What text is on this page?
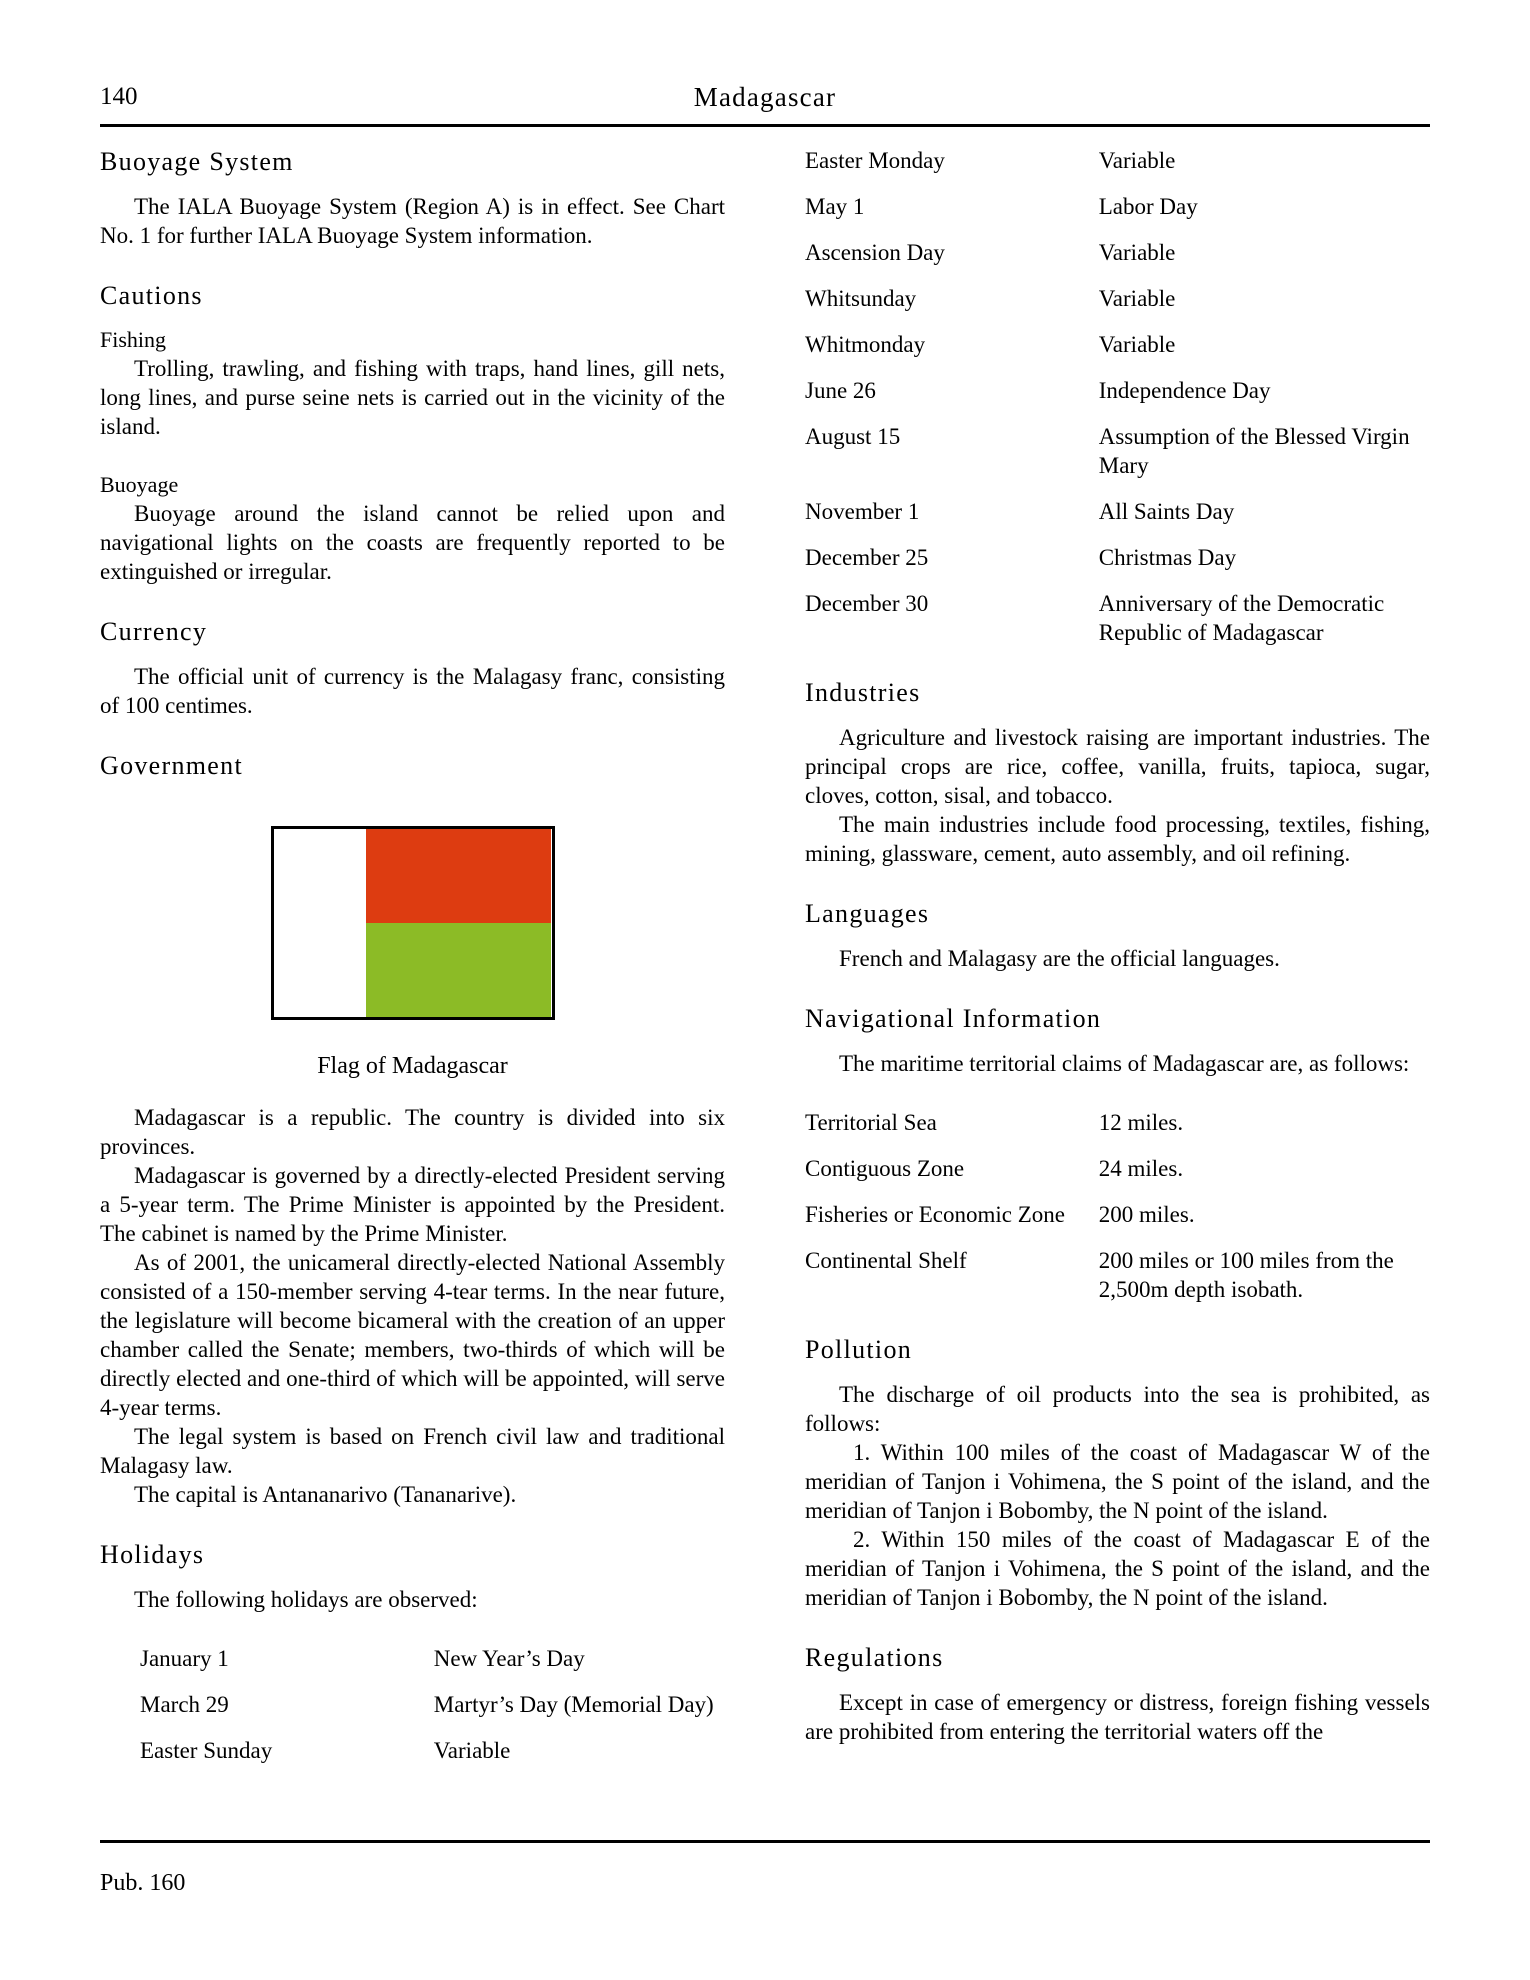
140	Madagascar
Buoyage System

The IALA Buoyage System (Region A) is in effect. See Chart No. 1 for further IALA Buoyage System information.

Cautions
Fishing

Trolling, trawling, and fishing with traps, hand lines, gill nets, long lines, and purse seine nets is carried out in the vicinity of the island.

Buoyage

Buoyage around the island cannot be relied upon and navigational lights on the coasts are frequently reported to be extinguished or irregular.

Currency

The official unit of currency is the Malagasy franc, consisting of 100 centimes.

Government
Flag of Madagascar

Madagascar is a republic. The country is divided into six provinces.

Madagascar is governed by a directly-elected President serving a 5-year term. The Prime Minister is appointed by the President. The cabinet is named by the Prime Minister.

As of 2001, the unicameral directly-elected National Assembly consisted of a 150-member serving 4-tear terms. In the near future, the legislature will become bicameral with the creation of an upper chamber called the Senate; members, two-thirds of which will be directly elected and one-third of which will be appointed, will serve 4-year terms.

The legal system is based on French civil law and traditional Malagasy law.

The capital is Antananarivo (Tananarive).

Holidays

The following holidays are observed:

January 1	New Year’s Day
March 29	Martyr’s Day (Memorial Day)
Easter Sunday	Variable
Easter Monday	Variable
May 1	Labor Day
Ascension Day	Variable
Whitsunday	Variable
Whitmonday	Variable
June 26	Independence Day
August 15	Assumption of the Blessed Virgin Mary
November 1	All Saints Day
December 25	Christmas Day
December 30	Anniversary of the Democratic Republic of Madagascar
Industries

Agriculture and livestock raising are important industries. The principal crops are rice, coffee, vanilla, fruits, tapioca, sugar, cloves, cotton, sisal, and tobacco.

The main industries include food processing, textiles, fishing, mining, glassware, cement, auto assembly, and oil refining.

Languages

French and Malagasy are the official languages.

Navigational Information

The maritime territorial claims of Madagascar are, as follows:

Territorial Sea	12 miles.
Contiguous Zone	24 miles.
Fisheries or Economic Zone	200 miles.
Continental Shelf	200 miles or 100 miles from the 2,500m depth isobath.
Pollution

The discharge of oil products into the sea is prohibited, as follows:

1. Within 100 miles of the coast of Madagascar W of the meridian of Tanjon i Vohimena, the S point of the island, and the meridian of Tanjon i Bobomby, the N point of the island.

2. Within 150 miles of the coast of Madagascar E of the meridian of Tanjon i Vohimena, the S point of the island, and the meridian of Tanjon i Bobomby, the N point of the island.

Regulations

Except in case of emergency or distress, foreign fishing vessels are prohibited from entering the territorial waters off the

Pub. 160
